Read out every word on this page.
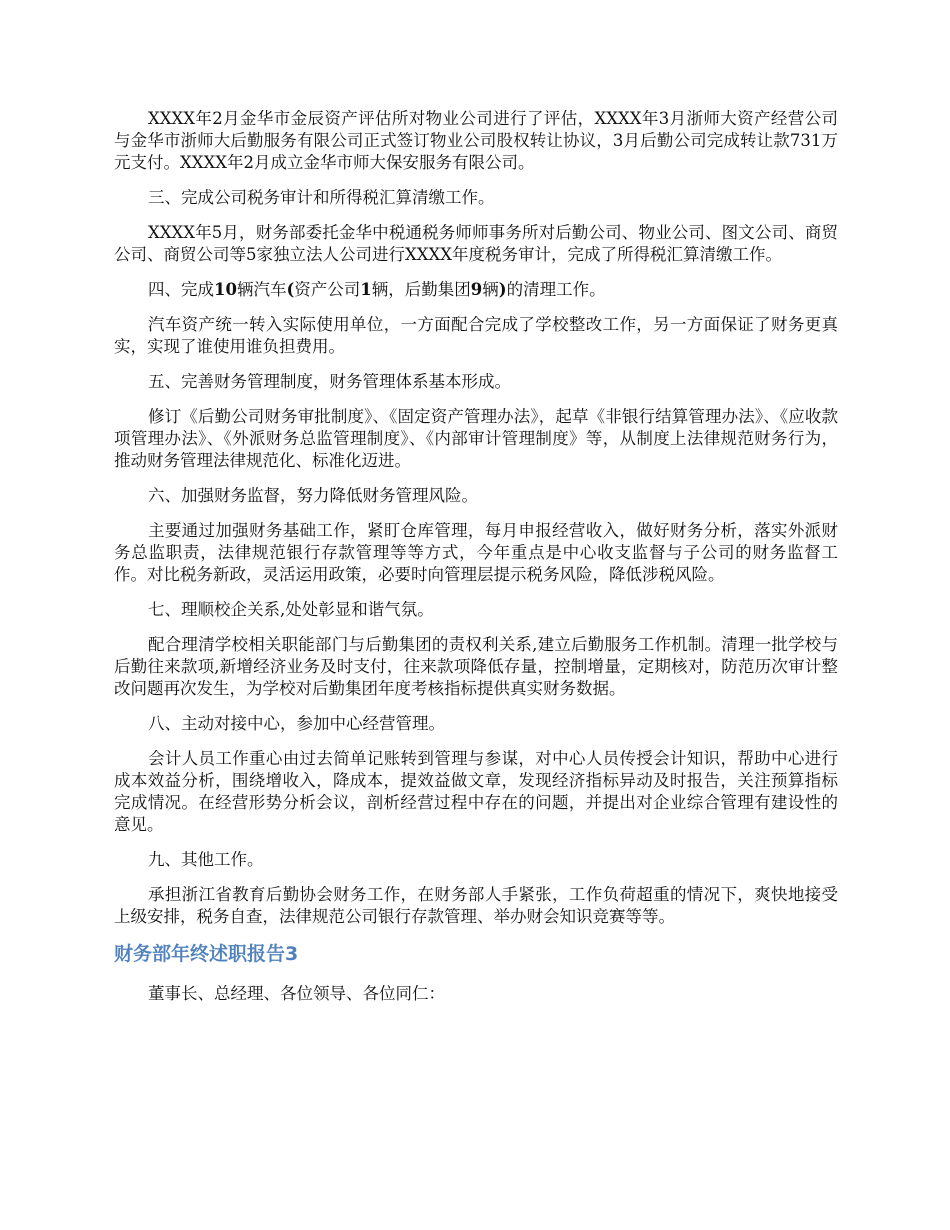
XXXX年2月金华市金辰资产评估所对物业公司进行了评估，XXXX年3月浙师大资产经营公司与金华市浙师大后勤服务有限公司正式签订物业公司股权转让协议，3月后勤公司完成转让款731万元支付。XXXX年2月成立金华市师大保安服务有限公司。

三、完成公司税务审计和所得税汇算清缴工作。

XXXX年5月，财务部委托金华中税通税务师师事务所对后勤公司、物业公司、图文公司、商贸公司、商贸公司等5家独立法人公司进行XXXX年度税务审计，完成了所得税汇算清缴工作。

四、完成10辆汽车(资产公司1辆，后勤集团9辆)的清理工作。

汽车资产统一转入实际使用单位，一方面配合完成了学校整改工作，另一方面保证了财务更真实，实现了谁使用谁负担费用。

五、完善财务管理制度，财务管理体系基本形成。

修订《后勤公司财务审批制度》、《固定资产管理办法》，起草《非银行结算管理办法》、《应收款项管理办法》、《外派财务总监管理制度》、《内部审计管理制度》等，从制度上法律规范财务行为，推动财务管理法律规范化、标准化迈进。

六、加强财务监督，努力降低财务管理风险。

主要通过加强财务基础工作，紧盯仓库管理，每月申报经营收入，做好财务分析，落实外派财务总监职责，法律规范银行存款管理等等方式，今年重点是中心收支监督与子公司的财务监督工作。对比税务新政，灵活运用政策，必要时向管理层提示税务风险，降低涉税风险。

七、理顺校企关系,处处彰显和谐气氛。

配合理清学校相关职能部门与后勤集团的责权利关系,建立后勤服务工作机制。清理一批学校与后勤往来款项,新增经济业务及时支付，往来款项降低存量，控制增量，定期核对，防范历次审计整改问题再次发生，为学校对后勤集团年度考核指标提供真实财务数据。

八、主动对接中心，参加中心经营管理。

会计人员工作重心由过去简单记账转到管理与参谋，对中心人员传授会计知识，帮助中心进行成本效益分析，围绕增收入，降成本，提效益做文章，发现经济指标异动及时报告，关注预算指标完成情况。在经营形势分析会议，剖析经营过程中存在的问题，并提出对企业综合管理有建设性的意见。

九、其他工作。

承担浙江省教育后勤协会财务工作，在财务部人手紧张，工作负荷超重的情况下，爽快地接受上级安排，税务自查，法律规范公司银行存款管理、举办财会知识竞赛等等。

财务部年终述职报告3

董事长、总经理、各位领导、各位同仁：
